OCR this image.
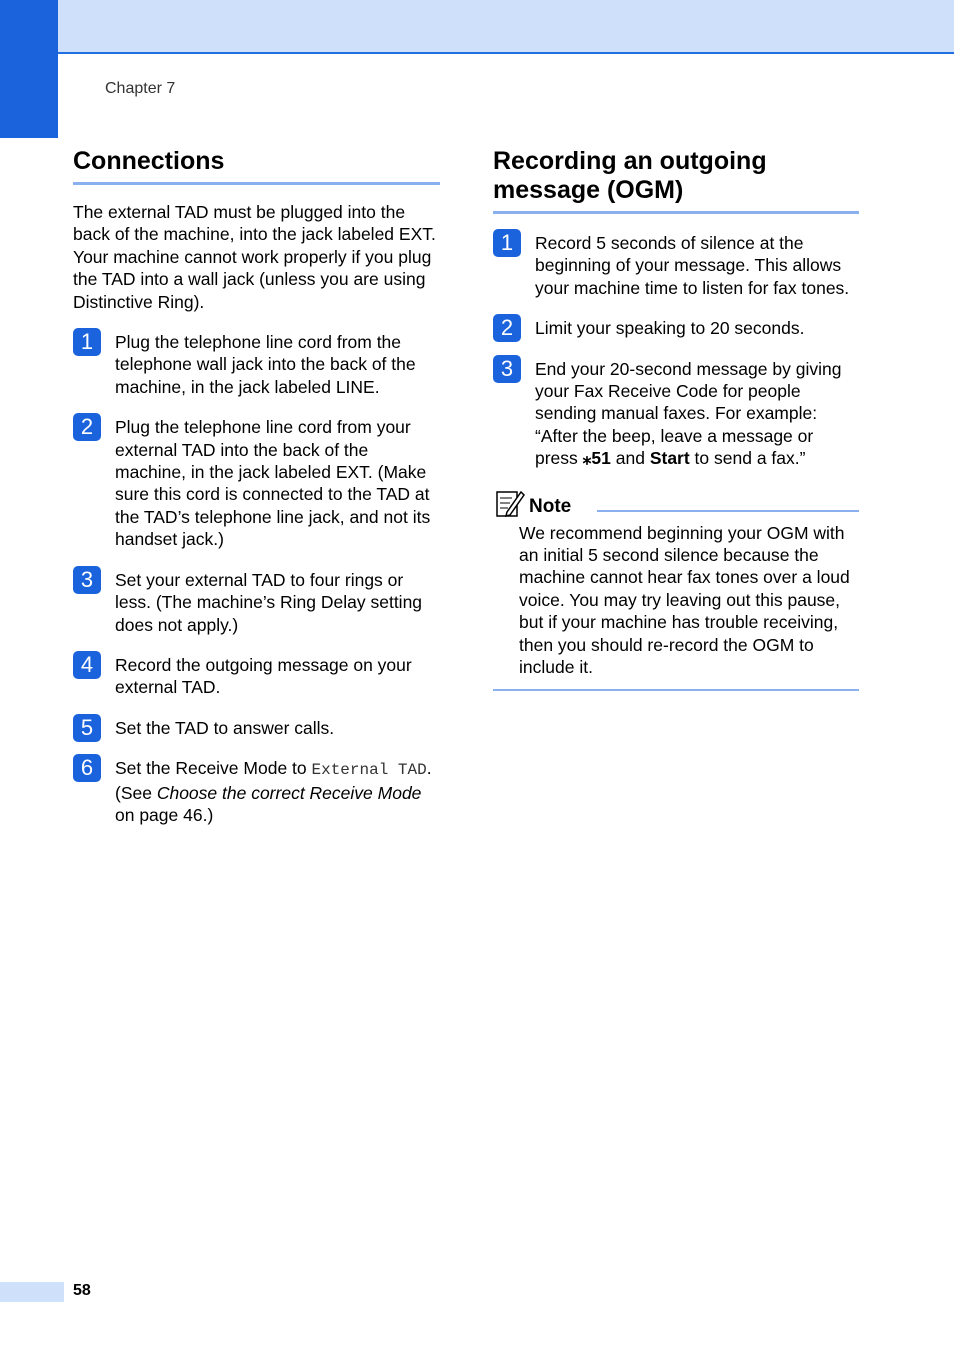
Chapter 7
Connections

The external TAD must be plugged into the back of the machine, into the jack labeled EXT. Your machine cannot work properly if you plug the TAD into a wall jack (unless you are using Distinctive Ring).

1	Plug the telephone line cord from the telephone wall jack into the back of the machine, in the jack labeled LINE.
2	Plug the telephone line cord from your external TAD into the back of the machine, in the jack labeled EXT. (Make sure this cord is connected to the TAD at the TAD’s telephone line jack, and not its handset jack.)
3	Set your external TAD to four rings or less. (The machine’s Ring Delay setting does not apply.)
4	Record the outgoing message on your external TAD.
5	Set the TAD to answer calls.
6	Set the Receive Mode to External TAD. (See Choose the correct Receive Mode on page 46.)
Recording an outgoing message (OGM)
1	Record 5 seconds of silence at the beginning of your message. This allows your machine time to listen for fax tones.
2	Limit your speaking to 20 seconds.
3	End your 20-second message by giving your Fax Receive Code for people sending manual faxes. For example: “After the beep, leave a message or press ⁎51 and Start to send a fax.”
Note
We recommend beginning your OGM with an initial 5 second silence because the machine cannot hear fax tones over a loud voice. You may try leaving out this pause, but if your machine has trouble receiving, then you should re-record the OGM to include it.
58
